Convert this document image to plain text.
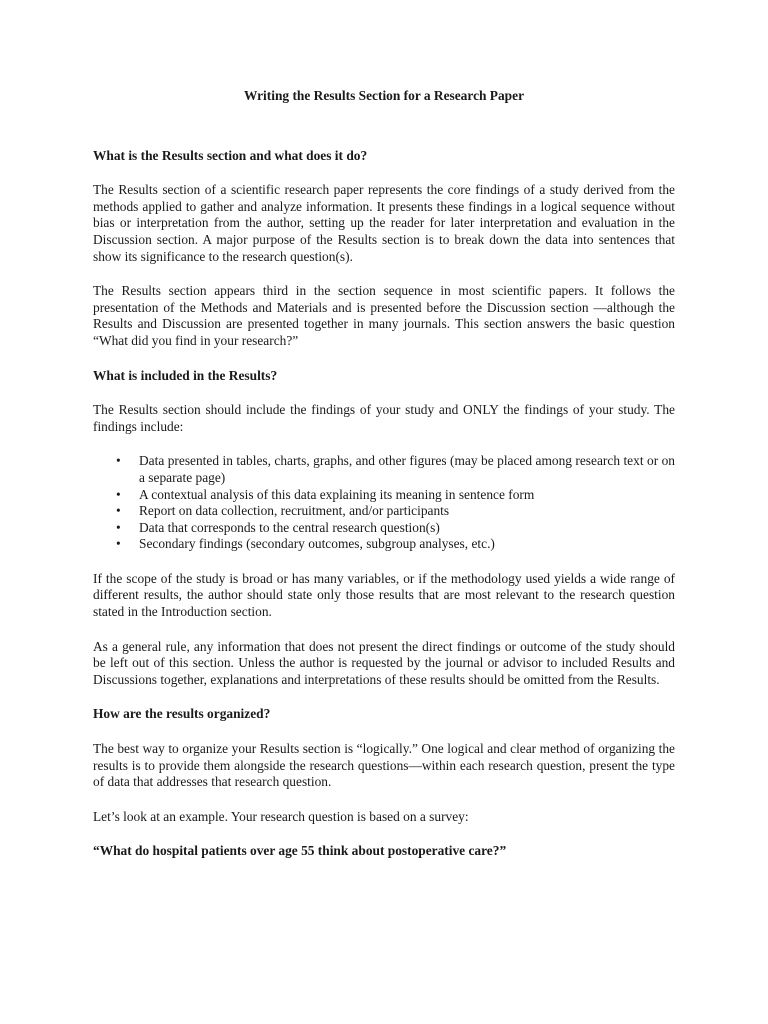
Writing the Results Section for a Research Paper
What is the Results section and what does it do?

The Results section of a scientific research paper represents the core findings of a study derived from the methods applied to gather and analyze information. It presents these findings in a logical sequence without bias or interpretation from the author, setting up the reader for later interpretation and evaluation in the Discussion section. A major purpose of the Results section is to break down the data into sentences that show its significance to the research question(s).

The Results section appears third in the section sequence in most scientific papers. It follows the presentation of the Methods and Materials and is presented before the Discussion section —although the Results and Discussion are presented together in many journals. This section answers the basic question “What did you find in your research?”

What is included in the Results?

The Results section should include the findings of your study and ONLY the findings of your study. The findings include:

• Data presented in tables, charts, graphs, and other figures (may be placed among research text or on a separate page)
• A contextual analysis of this data explaining its meaning in sentence form
• Report on data collection, recruitment, and/or participants
• Data that corresponds to the central research question(s)
• Secondary findings (secondary outcomes, subgroup analyses, etc.)

If the scope of the study is broad or has many variables, or if the methodology used yields a wide range of different results, the author should state only those results that are most relevant to the research question stated in the Introduction section.

As a general rule, any information that does not present the direct findings or outcome of the study should be left out of this section. Unless the author is requested by the journal or advisor to included Results and Discussions together, explanations and interpretations of these results should be omitted from the Results.

How are the results organized?

The best way to organize your Results section is “logically.” One logical and clear method of organizing the results is to provide them alongside the research questions—within each research question, present the type of data that addresses that research question.

Let’s look at an example. Your research question is based on a survey:

“What do hospital patients over age 55 think about postoperative care?”
